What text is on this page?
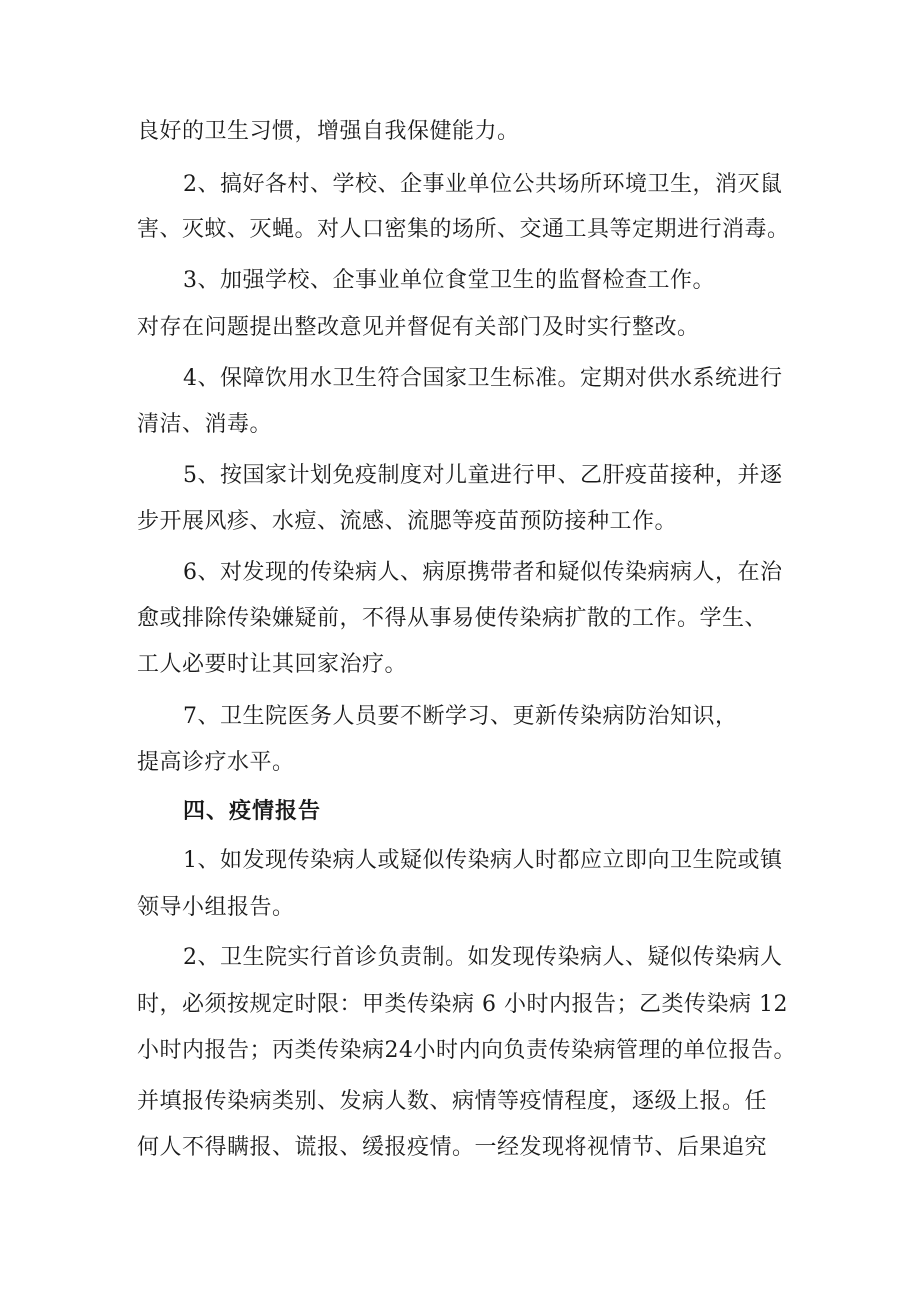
良好的卫生习惯，增强自我保健能力。
2、搞好各村、学校、企事业单位公共场所环境卫生，消灭鼠
害、灭蚊、灭蝇。对人口密集的场所、交通工具等定期进行消毒。
3、加强学校、企事业单位食堂卫生的监督检查工作。
对存在问题提出整改意见并督促有关部门及时实行整改。
4、保障饮用水卫生符合国家卫生标准。定期对供水系统进行
清洁、消毒。
5、按国家计划免疫制度对儿童进行甲、乙肝疫苗接种，并逐
步开展风疹、水痘、流感、流腮等疫苗预防接种工作。
6、对发现的传染病人、病原携带者和疑似传染病病人，在治
愈或排除传染嫌疑前，不得从事易使传染病扩散的工作。学生、
工人必要时让其回家治疗。
7、卫生院医务人员要不断学习、更新传染病防治知识，
提高诊疗水平。
四、疫情报告
1、如发现传染病人或疑似传染病人时都应立即向卫生院或镇
领导小组报告。
2、卫生院实行首诊负责制。如发现传染病人、疑似传染病人
时，必须按规定时限：甲类传染病 6 小时内报告；乙类传染病 12
小时内报告；丙类传染病24小时内向负责传染病管理的单位报告。
并填报传染病类别、发病人数、病情等疫情程度，逐级上报。任
何人不得瞒报、谎报、缓报疫情。一经发现将视情节、后果追究
